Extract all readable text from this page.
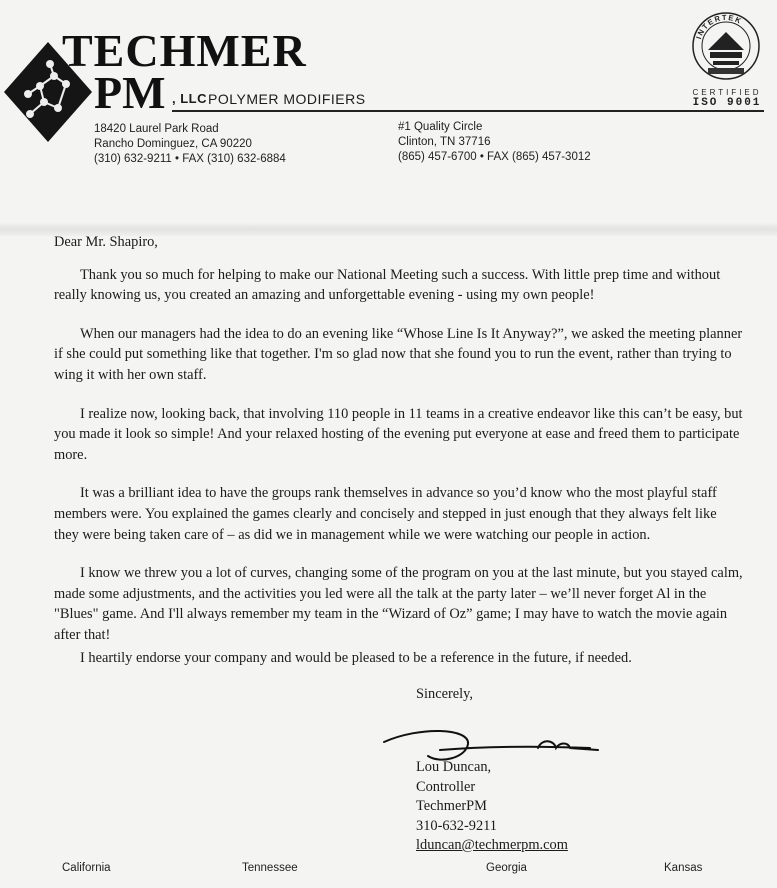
TECHMER
PM , LLC POLYMER MODIFIERS
18420 Laurel Park Road
Rancho Dominguez, CA 90220
(310) 632-9211 • FAX (310) 632-6884
#1 Quality Circle
Clinton, TN 37716
(865) 457-6700 • FAX (865) 457-3012
INTERTEK
CERTIFIED
ISO 9001

Dear Mr. Shapiro,

Thank you so much for helping to make our National Meeting such a success. With little prep time and without really knowing us, you created an amazing and unforgettable evening - using my own people!

When our managers had the idea to do an evening like “Whose Line Is It Anyway?”, we asked the meeting planner if she could put something like that together. I'm so glad now that she found you to run the event, rather than trying to wing it with her own staff.

I realize now, looking back, that involving 110 people in 11 teams in a creative endeavor like this can’t be easy, but you made it look so simple! And your relaxed hosting of the evening put everyone at ease and freed them to participate more.

It was a brilliant idea to have the groups rank themselves in advance so you’d know who the most playful staff members were. You explained the games clearly and concisely and stepped in just enough that they always felt like they were being taken care of – as did we in management while we were watching our people in action.

I know we threw you a lot of curves, changing some of the program on you at the last minute, but you stayed calm, made some adjustments, and the activities you led were all the talk at the party later – we’ll never forget Al in the "Blues" game. And I'll always remember my team in the “Wizard of Oz” game; I may have to watch the movie again after that!

I heartily endorse your company and would be pleased to be a reference in the future, if needed.

Sincerely,
Lou Duncan,
Controller
TechmerPM
310-632-9211
lduncan@techmerpm.com
California	Tennessee	Georgia	Kansas
